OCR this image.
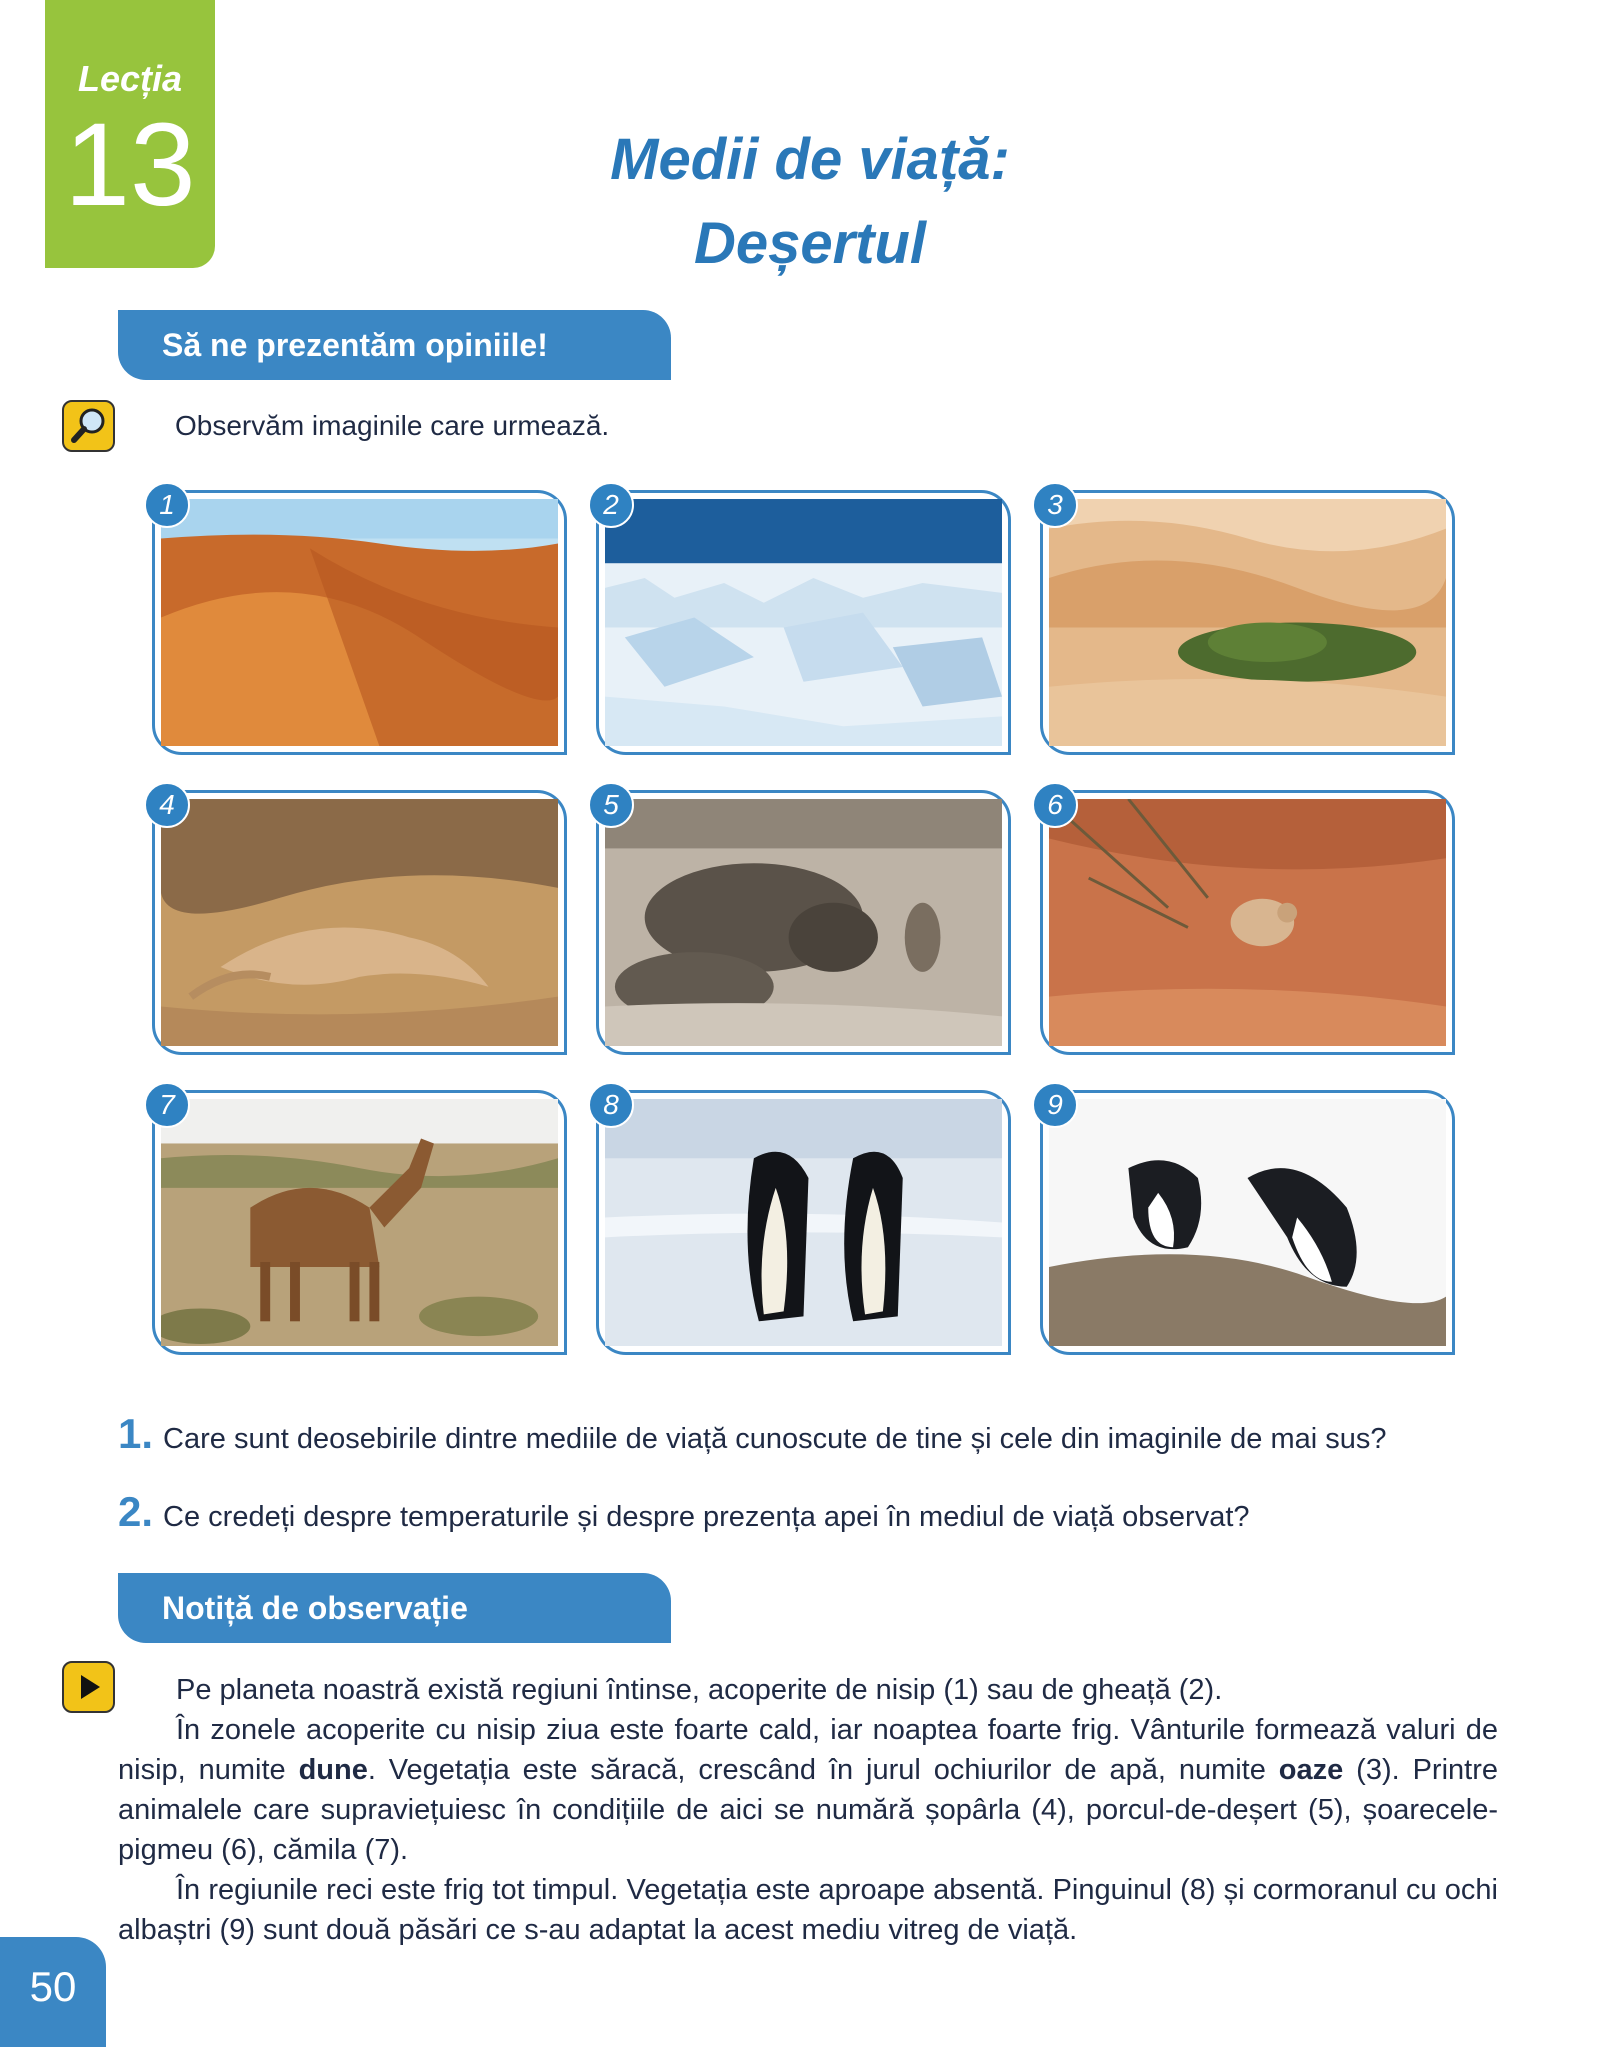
Lecția
13	Medii de viață:
Deșertul
Să ne prezentăm opiniile!
Observăm imaginile care urmează.
1	2	3
4	5	6
7	8	9
1. Care sunt deosebirile dintre mediile de viață cunoscute de tine și cele din imaginile de mai sus?
2. Ce credeți despre temperaturile și despre prezența apei în mediul de viață observat?
Notiță de observație

Pe planeta noastră există regiuni întinse, acoperite de nisip (1) sau de gheață (2).

În zonele acoperite cu nisip ziua este foarte cald, iar noaptea foarte frig. Vânturile formează valuri de nisip, numite dune. Vegetația este săracă, crescând în jurul ochiurilor de apă, numite oaze (3). Printre animalele care supraviețuiesc în condițiile de aici se numără șopârla (4), porcul-de-deșert (5), șoarecele-pigmeu (6), cămila (7).

În regiunile reci este frig tot timpul. Vegetația este aproape absentă. Pinguinul (8) și cormoranul cu ochi albaștri (9) sunt două păsări ce s-au adaptat la acest mediu vitreg de viață.

50
